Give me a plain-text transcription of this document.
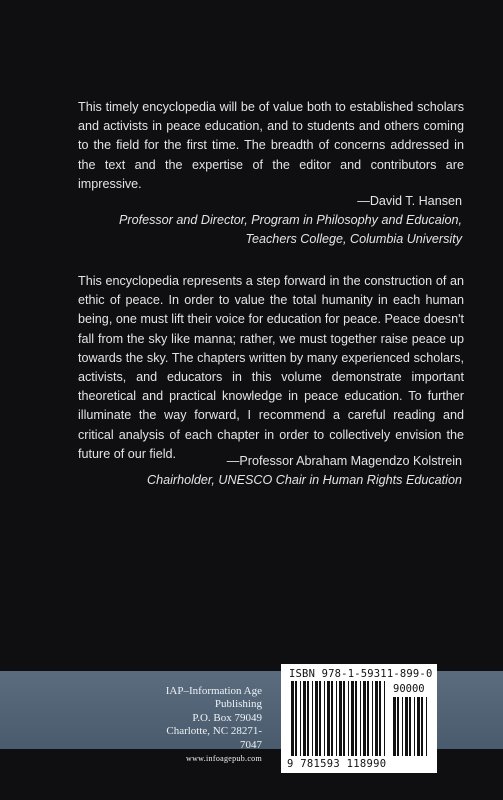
This timely encyclopedia will be of value both to established scholars and activists in peace education, and to students and others coming to the field for the first time. The breadth of concerns addressed in the text and the expertise of the editor and contributors are impressive.

—David T. Hansen
Professor and Director, Program in Philosophy and Educaion,
Teachers College, Columbia University

This encyclopedia represents a step forward in the construction of an ethic of peace. In order to value the total humanity in each human being, one must lift their voice for education for peace. Peace doesn't fall from the sky like manna; rather, we must together raise peace up towards the sky. The chapters written by many experienced scholars, activists, and educators in this volume demonstrate important theoretical and practical knowledge in peace education. To further illuminate the way forward, I recommend a careful reading and critical analysis of each chapter in order to collectively envision the future of our field.

—Professor Abraham Magendzo Kolstrein
Chairholder, UNESCO Chair in Human Rights Education
IAP–Information Age Publishing
P.O. Box 79049
Charlotte, NC 28271-7047
www.infoagepub.com
ISBN 978-1-59311-899-0
90000
9 781593 118990
